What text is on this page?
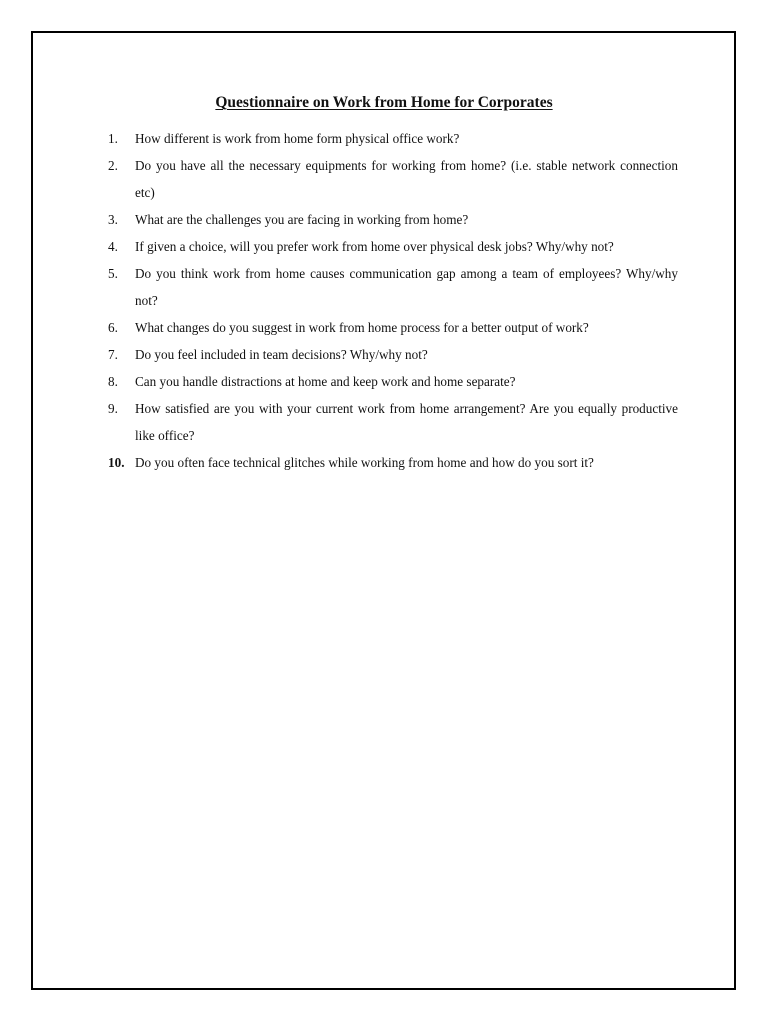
Questionnaire on Work from Home for Corporates
1.	How different is work from home form physical office work?
2.	Do you have all the necessary equipments for working from home? (i.e. stable network connection etc)
3.	What are the challenges you are facing in working from home?
4.	If given a choice, will you prefer work from home over physical desk jobs? Why/why not?
5.	Do you think work from home causes communication gap among a team of employees? Why/why not?
6.	What changes do you suggest in work from home process for a better output of work?
7.	Do you feel included in team decisions? Why/why not?
8.	Can you handle distractions at home and keep work and home separate?
9.	How satisfied are you with your current work from home arrangement? Are you equally productive like office?
10. Do you often face technical glitches while working from home and how do you sort it?
